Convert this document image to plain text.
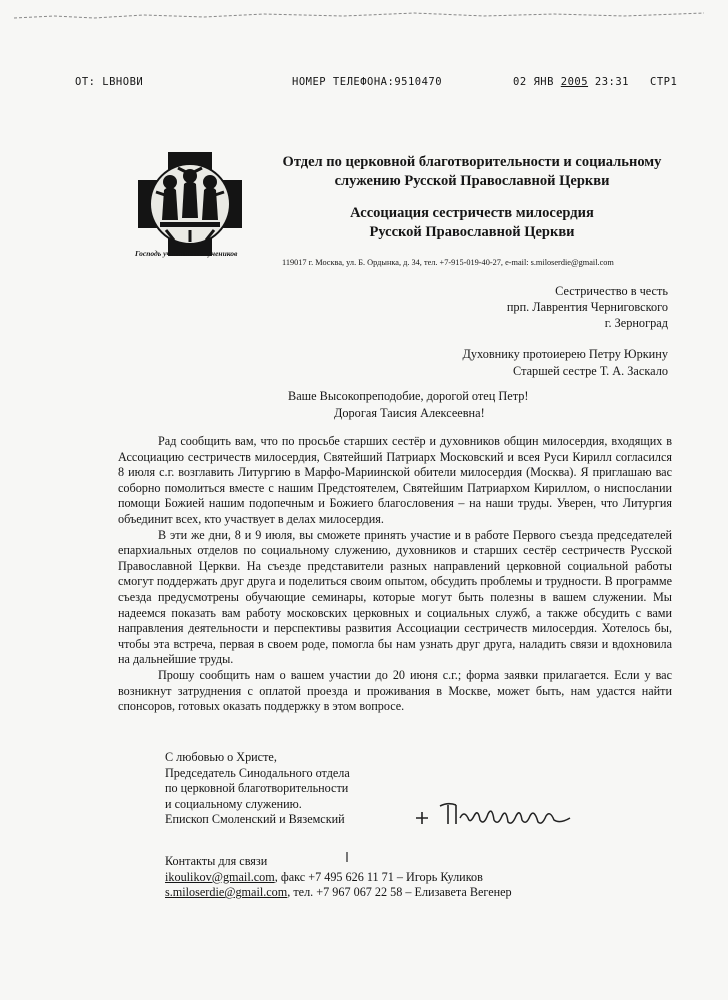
ОТ: LBHOBИ	НОМЕР ТЕЛЕФОНА:9510470	02 ЯНВ 2005 23:31 СТР1
Господь учивает всех учеников
Отдел по церковной благотворительности и социальному
служению Русской Православной Церкви
Ассоциация сестричеств милосердия
Русской Православной Церкви
119017 г. Москва, ул. Б. Ордынка, д. 34, тел. +7-915-019-40-27, e-mail: s.miloserdie@gmail.com
Сестричество в честь
прп. Лаврентия Черниговского
г. Зерноград
Духовнику протоиерею Петру Юркину
Старшей сестре Т. А. Заскало
Ваше Высокопреподобие, дорогой отец Петр!
Дорогая Таисия Алексеевна!

Рад сообщить вам, что по просьбе старших сестёр и духовников общин милосердия, входящих в Ассоциацию сестричеств милосердия, Святейший Патриарх Московский и всея Руси Кирилл согласился 8 июля с.г. возглавить Литургию в Марфо-Мариинской обители милосердия (Москва). Я приглашаю вас соборно помолиться вместе с нашим Предстоятелем, Святейшим Патриархом Кириллом, о ниспослании помощи Божией нашим подопечным и Божиего благословения – на наши труды. Уверен, что Литургия объединит всех, кто участвует в делах милосердия.

В эти же дни, 8 и 9 июля, вы сможете принять участие и в работе Первого съезда председателей епархиальных отделов по социальному служению, духовников и старших сестёр сестричеств Русской Православной Церкви. На съезде представители разных направлений церковной социальной работы смогут поддержать друг друга и поделиться своим опытом, обсудить проблемы и трудности. В программе съезда предусмотрены обучающие семинары, которые могут быть полезны в вашем служении. Мы надеемся показать вам работу московских церковных и социальных служб, а также обсудить с вами направления деятельности и перспективы развития Ассоциации сестричеств милосердия. Хотелось бы, чтобы эта встреча, первая в своем роде, помогла бы нам узнать друг друга, наладить связи и вдохновила на дальнейшие труды.

Прошу сообщить нам о вашем участии до 20 июня с.г.; форма заявки прилагается. Если у вас возникнут затруднения с оплатой проезда и проживания в Москве, может быть, нам удастся найти спонсоров, готовых оказать поддержку в этом вопросе.

С любовью о Христе,
Председатель Синодального отдела
по церковной благотворительности
и социальному служению.
Епископ Смоленский и Вяземский
Контакты для связи
ikoulikov@gmail.com, факс +7 495 626 11 71 – Игорь Куликов
s.miloserdie@gmail.com, тел. +7 967 067 22 58 – Елизавета Вегенер
